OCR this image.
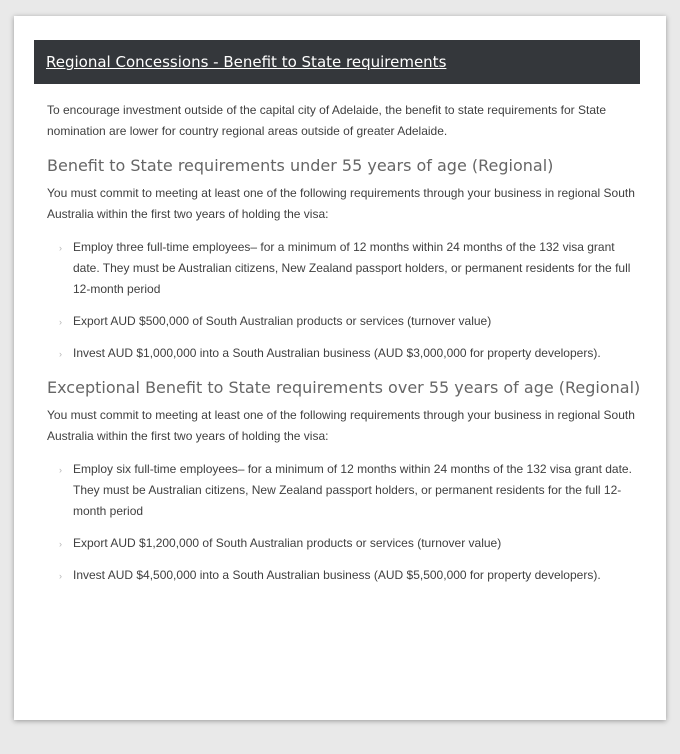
Regional Concessions - Benefit to State requirements

To encourage investment outside of the capital city of Adelaide, the benefit to state requirements for State nomination are lower for country regional areas outside of greater Adelaide.

Benefit to State requirements under 55 years of age (Regional)

You must commit to meeting at least one of the following requirements through your business in regional South Australia within the first two years of holding the visa:

› Employ three full-time employees– for a minimum of 12 months within 24 months of the 132 visa grant date. They must be Australian citizens, New Zealand passport holders, or permanent residents for the full 12-month period
› Export AUD $500,000 of South Australian products or services (turnover value)
› Invest AUD $1,000,000 into a South Australian business (AUD $3,000,000 for property developers).
Exceptional Benefit to State requirements over 55 years of age (Regional)

You must commit to meeting at least one of the following requirements through your business in regional South Australia within the first two years of holding the visa:

› Employ six full-time employees– for a minimum of 12 months within 24 months of the 132 visa grant date. They must be Australian citizens, New Zealand passport holders, or permanent residents for the full 12-month period
› Export AUD $1,200,000 of South Australian products or services (turnover value)
› Invest AUD $4,500,000 into a South Australian business (AUD $5,500,000 for property developers).
